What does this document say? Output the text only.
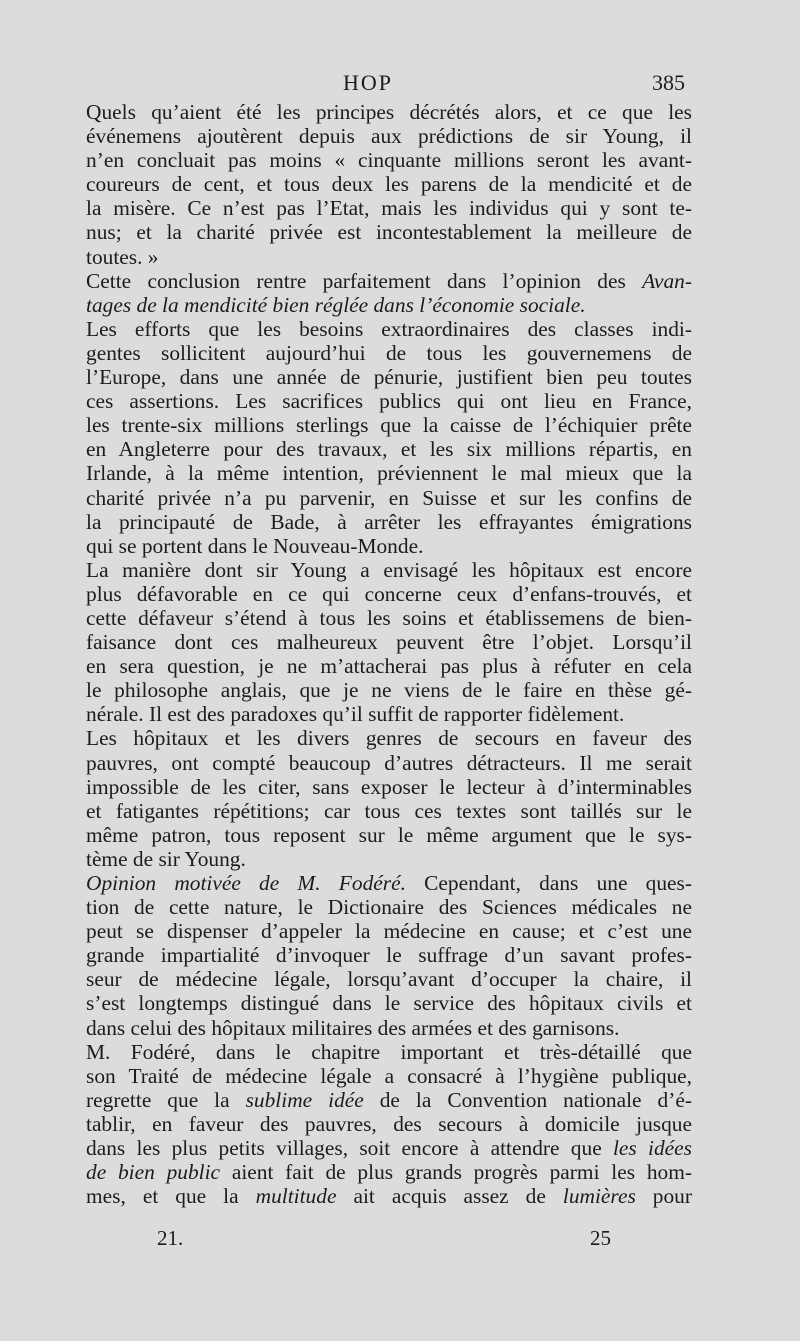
HOP	385
Quels qu’aient été les principes décrétés alors, et ce que les
événemens ajoutèrent depuis aux prédictions de sir Young, il
n’en concluait pas moins « cinquante millions seront les avant-
coureurs de cent, et tous deux les parens de la mendicité et de
la misère. Ce n’est pas l’Etat, mais les individus qui y sont te-
nus; et la charité privée est incontestablement la meilleure de
toutes. »
Cette conclusion rentre parfaitement dans l’opinion des Avan-
tages de la mendicité bien réglée dans l’économie sociale.
Les efforts que les besoins extraordinaires des classes indi-
gentes sollicitent aujourd’hui de tous les gouvernemens de
l’Europe, dans une année de pénurie, justifient bien peu toutes
ces assertions. Les sacrifices publics qui ont lieu en France,
les trente-six millions sterlings que la caisse de l’échiquier prête
en Angleterre pour des travaux, et les six millions répartis, en
Irlande, à la même intention, préviennent le mal mieux que la
charité privée n’a pu parvenir, en Suisse et sur les confins de
la principauté de Bade, à arrêter les effrayantes émigrations
qui se portent dans le Nouveau-Monde.
La manière dont sir Young a envisagé les hôpitaux est encore
plus défavorable en ce qui concerne ceux d’enfans-trouvés, et
cette défaveur s’étend à tous les soins et établissemens de bien-
faisance dont ces malheureux peuvent être l’objet. Lorsqu’il
en sera question, je ne m’attacherai pas plus à réfuter en cela
le philosophe anglais, que je ne viens de le faire en thèse gé-
nérale. Il est des paradoxes qu’il suffit de rapporter fidèlement.
Les hôpitaux et les divers genres de secours en faveur des
pauvres, ont compté beaucoup d’autres détracteurs. Il me serait
impossible de les citer, sans exposer le lecteur à d’interminables
et fatigantes répétitions; car tous ces textes sont taillés sur le
même patron, tous reposent sur le même argument que le sys-
tème de sir Young.
Opinion motivée de M. Fodéré. Cependant, dans une ques-
tion de cette nature, le Dictionaire des Sciences médicales ne
peut se dispenser d’appeler la médecine en cause; et c’est une
grande impartialité d’invoquer le suffrage d’un savant profes-
seur de médecine légale, lorsqu’avant d’occuper la chaire, il
s’est longtemps distingué dans le service des hôpitaux civils et
dans celui des hôpitaux militaires des armées et des garnisons.
M. Fodéré, dans le chapitre important et très-détaillé que
son Traité de médecine légale a consacré à l’hygiène publique,
regrette que la sublime idée de la Convention nationale d’é-
tablir, en faveur des pauvres, des secours à domicile jusque
dans les plus petits villages, soit encore à attendre que les idées
de bien public aient fait de plus grands progrès parmi les hom-
mes, et que la multitude ait acquis assez de lumières pour
21.	25
